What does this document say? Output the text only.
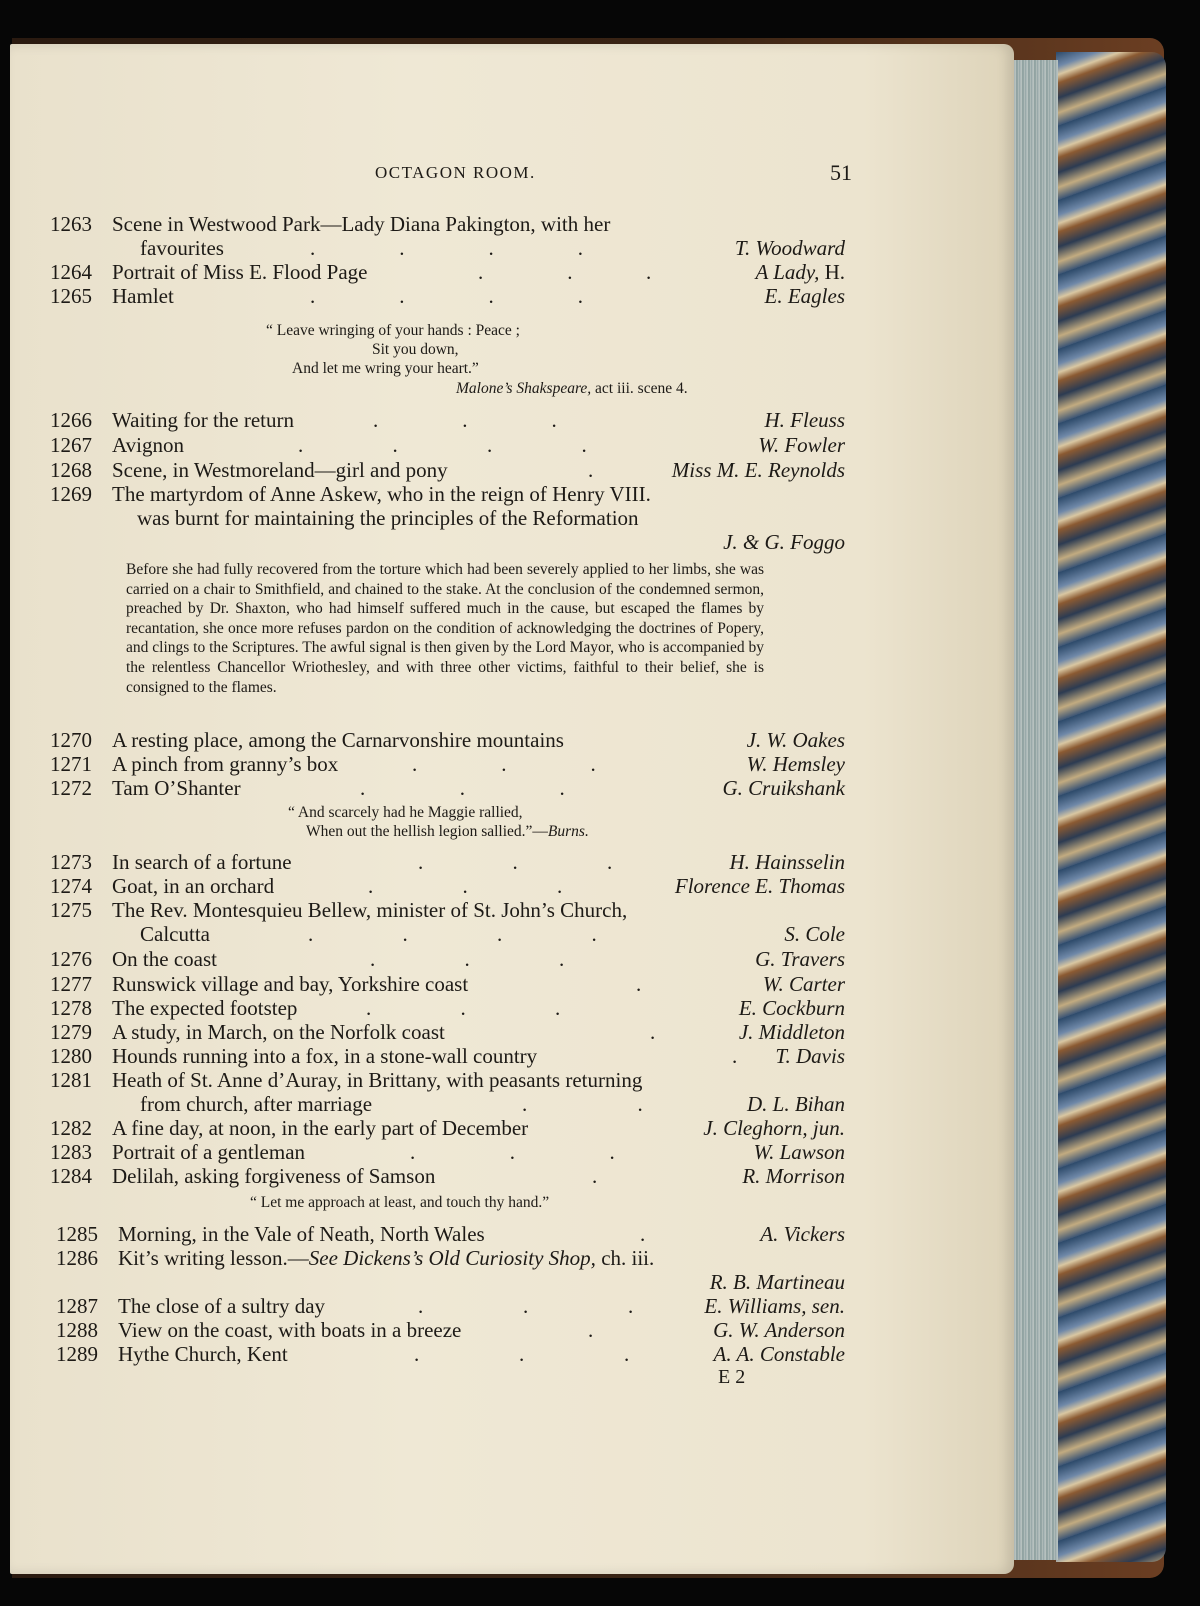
OCTAGON ROOM.	51
1263 Scene in Westwood Park—Lady Diana Pakington, with her
favourites	.                .                .                .	T. Woodward
1264 Portrait of Miss E. Flood Page	.                .              .	A Lady, H.
1265 Hamlet	.                .                .                .	E. Eagles
“ Leave wringing of your hands : Peace ;
Sit you down,
And let me wring your heart.”
Malone’s Shakspeare, act iii. scene 4.
1266 Waiting for the return	.                .                .	H. Fleuss
1267 Avignon	.                 .                 .                 .	W. Fowler
1268 Scene, in Westmoreland—girl and pony	.	Miss M. E. Reynolds
1269 The martyrdom of Anne Askew, who in the reign of Henry VIII.
was burnt for maintaining the principles of the Reformation
J. & G. Foggo
Before she had fully recovered from the torture which had been severely applied to her limbs, she was carried on a chair to Smithfield, and chained to the stake. At the conclusion of the condemned sermon, preached by Dr. Shaxton, who had himself suffered much in the cause, but escaped the flames by recantation, she once more refuses pardon on the condition of acknowledging the doctrines of Popery, and clings to the Scriptures. The awful signal is then given by the Lord Mayor, who is accompanied by the relentless Chancellor Wriothesley, and with three other victims, faithful to their belief, she is consigned to the flames.
1270 A resting place, among the Carnarvonshire mountains	J. W. Oakes
1271 A pinch from granny’s box	.                .                .	W. Hemsley
1272 Tam O’Shanter	.                  .                  .	G. Cruikshank
“ And scarcely had he Maggie rallied,
When out the hellish legion sallied.”—Burns.
1273 In search of a fortune	.                 .                 .	H. Hainsselin
1274 Goat, in an orchard	.                 .                 .	Florence E. Thomas
1275 The Rev. Montesquieu Bellew, minister of St. John’s Church,
Calcutta	.                 .                 .                 .	S. Cole
1276 On the coast	.                 .                 .	G. Travers
1277 Runswick village and bay, Yorkshire coast	.	W. Carter
1278 The expected footstep	.                 .                 .	E. Cockburn
1279 A study, in March, on the Norfolk coast	.	J. Middleton
1280 Hounds running into a fox, in a stone-wall country	. T. Davis
1281 Heath of St. Anne d’Auray, in Brittany, with peasants returning
from church, after marriage	.                     .	D. L. Bihan
1282 A fine day, at noon, in the early part of December	J. Cleghorn, jun.
1283 Portrait of a gentleman	.                  .                  .	W. Lawson
1284 Delilah, asking forgiveness of Samson	.	R. Morrison
“ Let me approach at least, and touch thy hand.”
1285 Morning, in the Vale of Neath, North Wales	.	A. Vickers
1286 Kit’s writing lesson.—See Dickens’s Old Curiosity Shop, ch. iii.
R. B. Martineau
1287 The close of a sultry day	.                   .                   .	E. Williams, sen.
1288 View on the coast, with boats in a breeze	.	G. W. Anderson
1289 Hythe Church, Kent	.                   .                   .	A. A. Constable
E 2
